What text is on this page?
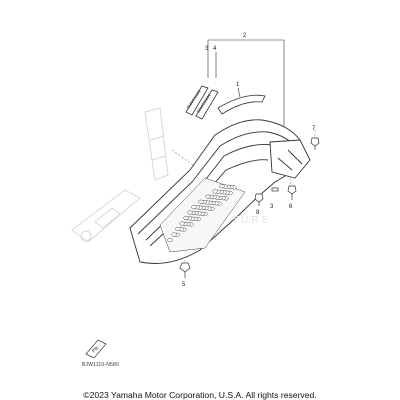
2
3 4
1
7
3	6
8
5
FR
TURE
BJW1110-N580
©2023 Yamaha Motor Corporation, U.S.A. All rights reserved.
